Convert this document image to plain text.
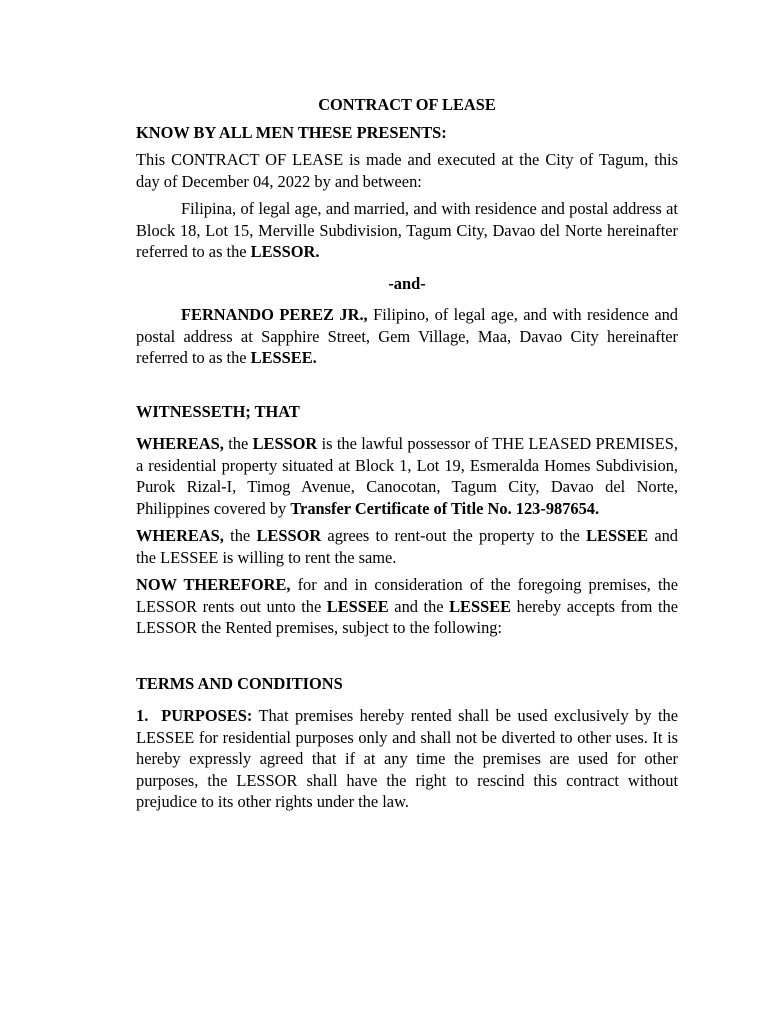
CONTRACT OF LEASE

KNOW BY ALL MEN THESE PRESENTS:

This CONTRACT OF LEASE is made and executed at the City of Tagum, this day of December 04, 2022 by and between:

Filipina, of legal age, and married, and with residence and postal address at Block 18, Lot 15, Merville Subdivision, Tagum City, Davao del Norte hereinafter referred to as the LESSOR.

-and-

FERNANDO PEREZ JR., Filipino, of legal age, and with residence and postal address at Sapphire Street, Gem Village, Maa, Davao City hereinafter referred to as the LESSEE.

WITNESSETH; THAT

WHEREAS, the LESSOR is the lawful possessor of THE LEASED PREMISES, a residential property situated at Block 1, Lot 19, Esmeralda Homes Subdivision, Purok Rizal-I, Timog Avenue, Canocotan, Tagum City, Davao del Norte, Philippines covered by Transfer Certificate of Title No. 123-987654.

WHEREAS, the LESSOR agrees to rent-out the property to the LESSEE and the LESSEE is willing to rent the same.

NOW THEREFORE, for and in consideration of the foregoing premises, the LESSOR rents out unto the LESSEE and the LESSEE hereby accepts from the LESSOR the Rented premises, subject to the following:

TERMS AND CONDITIONS

1.  PURPOSES: That premises hereby rented shall be used exclusively by the LESSEE for residential purposes only and shall not be diverted to other uses. It is hereby expressly agreed that if at any time the premises are used for other purposes, the LESSOR shall have the right to rescind this contract without prejudice to its other rights under the law.
